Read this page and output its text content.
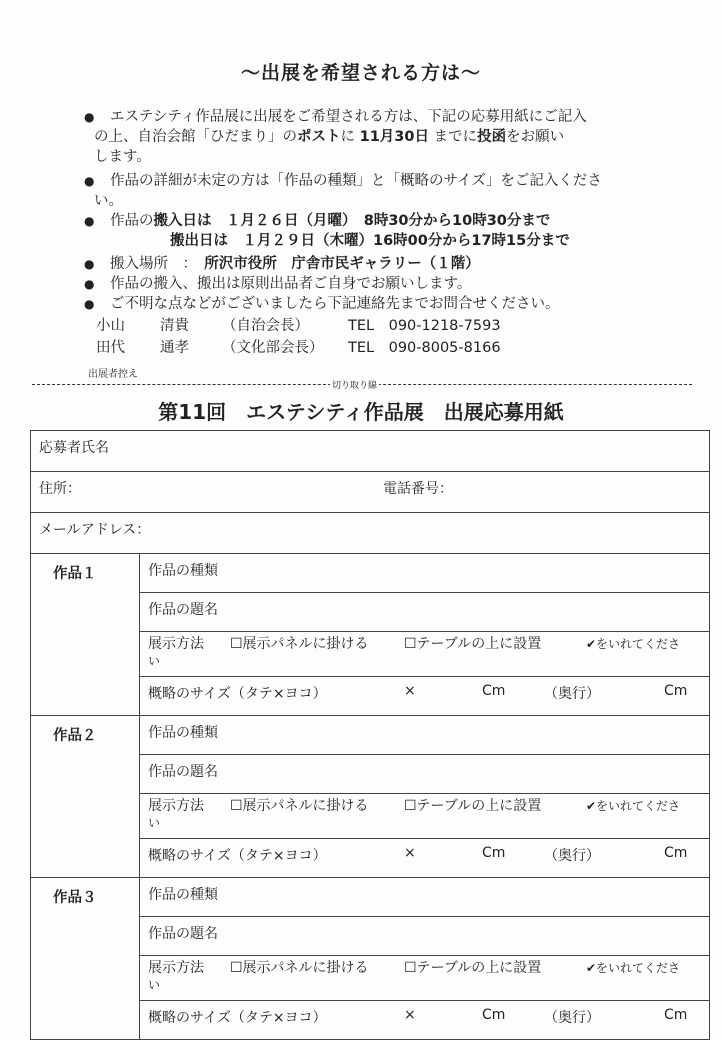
～出展を希望される方は～
● エステシティ作品展に出展をご希望される方は、下記の応募用紙にご記入
の上、自治会館「ひだまり」のポストに 11月30日 までに投函をお願い
します。
● 作品の詳細が未定の方は「作品の種類」と「概略のサイズ」をご記入くださ
い。
● 作品の搬入日は　１月２６日（月曜）　8時30分から10時30分まで
搬出日は　１月２９日（木曜）16時00分から17時15分まで
● 搬入場所　：　 所沢市役所　庁舎市民ギャラリー（１階）
● 作品の搬入、搬出は原則出品者ご自身でお願いします。
● ご不明な点などがございましたら下記連絡先までお問合せください。
小山 清貴 （自治会長）	TEL　090-1218-7593
田代 通孝 （文化部会長） TEL　090-8005-8166
出展者控え
切り取り線
第11回　エステシティ作品展　出展応募用紙
応募者氏名	

住所： 電話番号：	

メールアドレス：	
作品１	作品の種類
	作品の題名

	展示方法 ☐展示パネルに掛ける ☐テーブルの上に設置 ✔をいれてくださ
い

	概略のサイズ（タテ×ヨコ） × Cm （奥行） Cm

作品２	作品の種類
	作品の題名

	展示方法 ☐展示パネルに掛ける ☐テーブルの上に設置 ✔をいれてくださ
い

	概略のサイズ（タテ×ヨコ） × Cm （奥行） Cm

作品３	作品の種類
	作品の題名

	展示方法 ☐展示パネルに掛ける ☐テーブルの上に設置 ✔をいれてくださ
い

	概略のサイズ（タテ×ヨコ） × Cm （奥行） Cm
